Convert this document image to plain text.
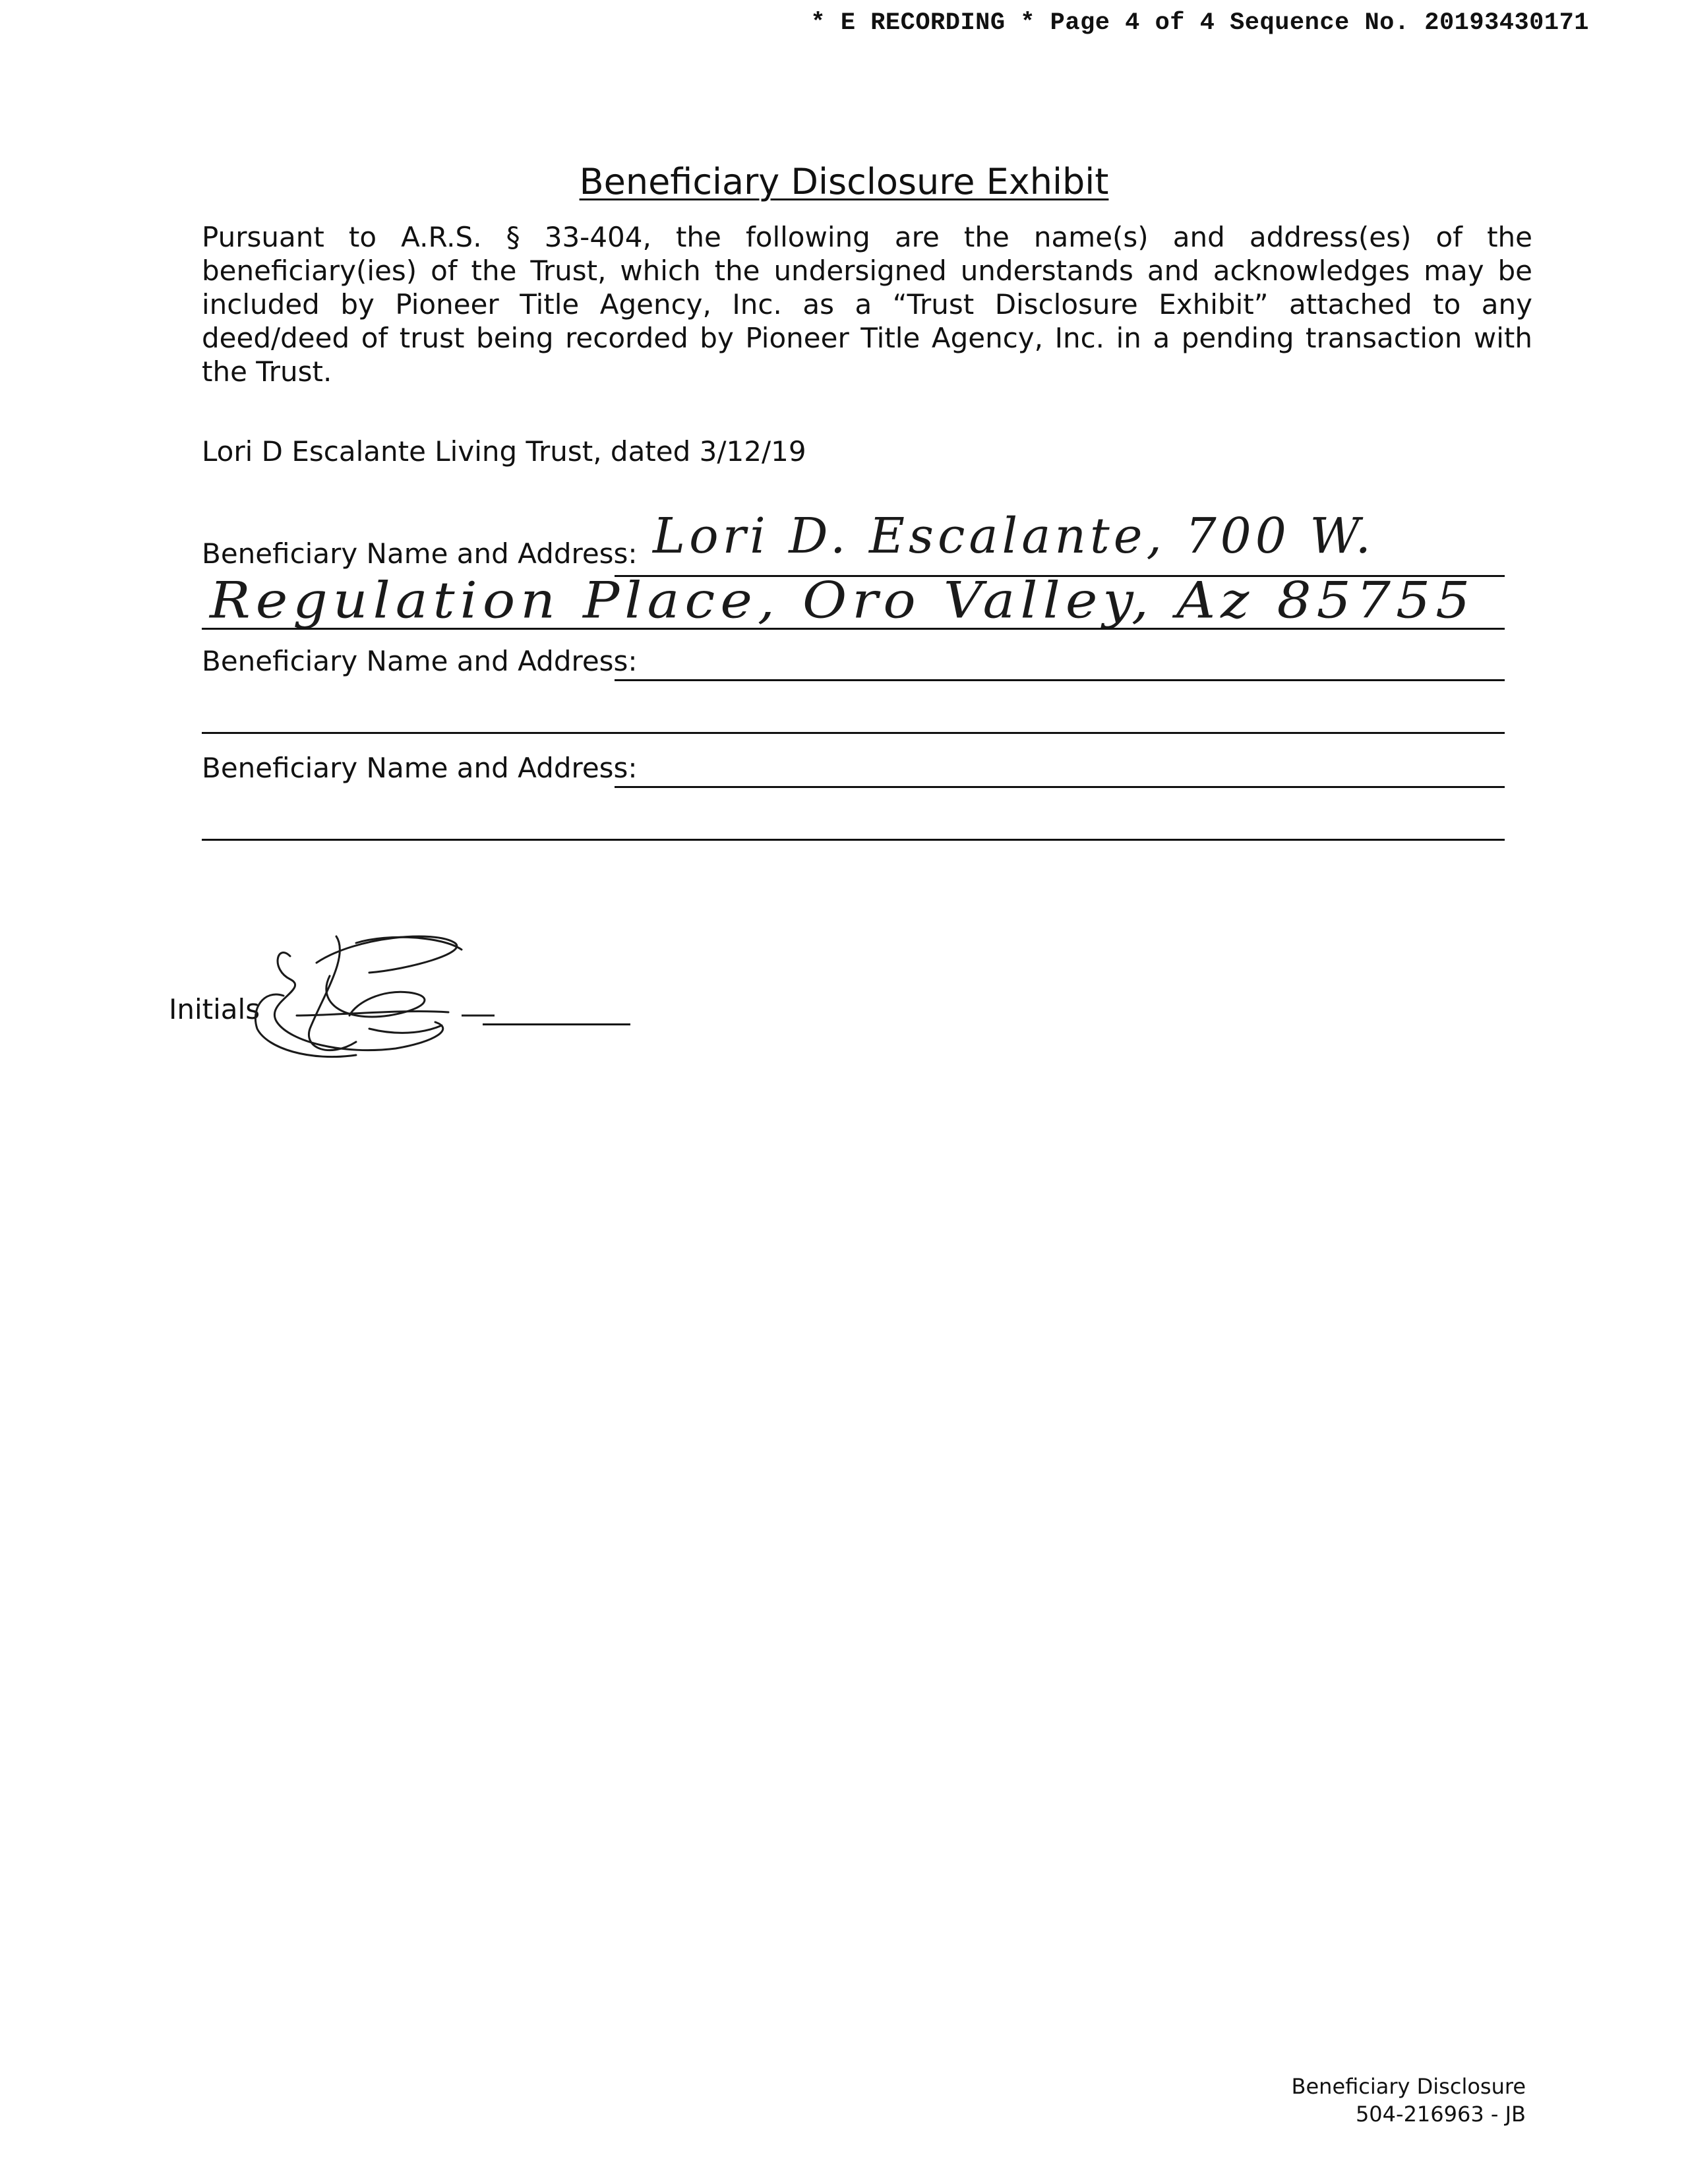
* E RECORDING * Page 4 of 4 Sequence No. 20193430171
Beneficiary Disclosure Exhibit
Pursuant to A.R.S. § 33-404, the following are the name(s) and address(es) of the beneficiary(ies) of the Trust, which the undersigned understands and acknowledges may be included by Pioneer Title Agency, Inc. as a “Trust Disclosure Exhibit” attached to any deed/deed of trust being recorded by Pioneer Title Agency, Inc. in a pending transaction with the Trust.
Lori D Escalante Living Trust, dated 3/12/19
Beneficiary Name and Address: Lori D. Escalante, 700 W.
Regulation Place, Oro Valley, Az 85755
Beneficiary Name and Address:
Beneficiary Name and Address:
Initials
Beneficiary Disclosure
504-216963 - JB
